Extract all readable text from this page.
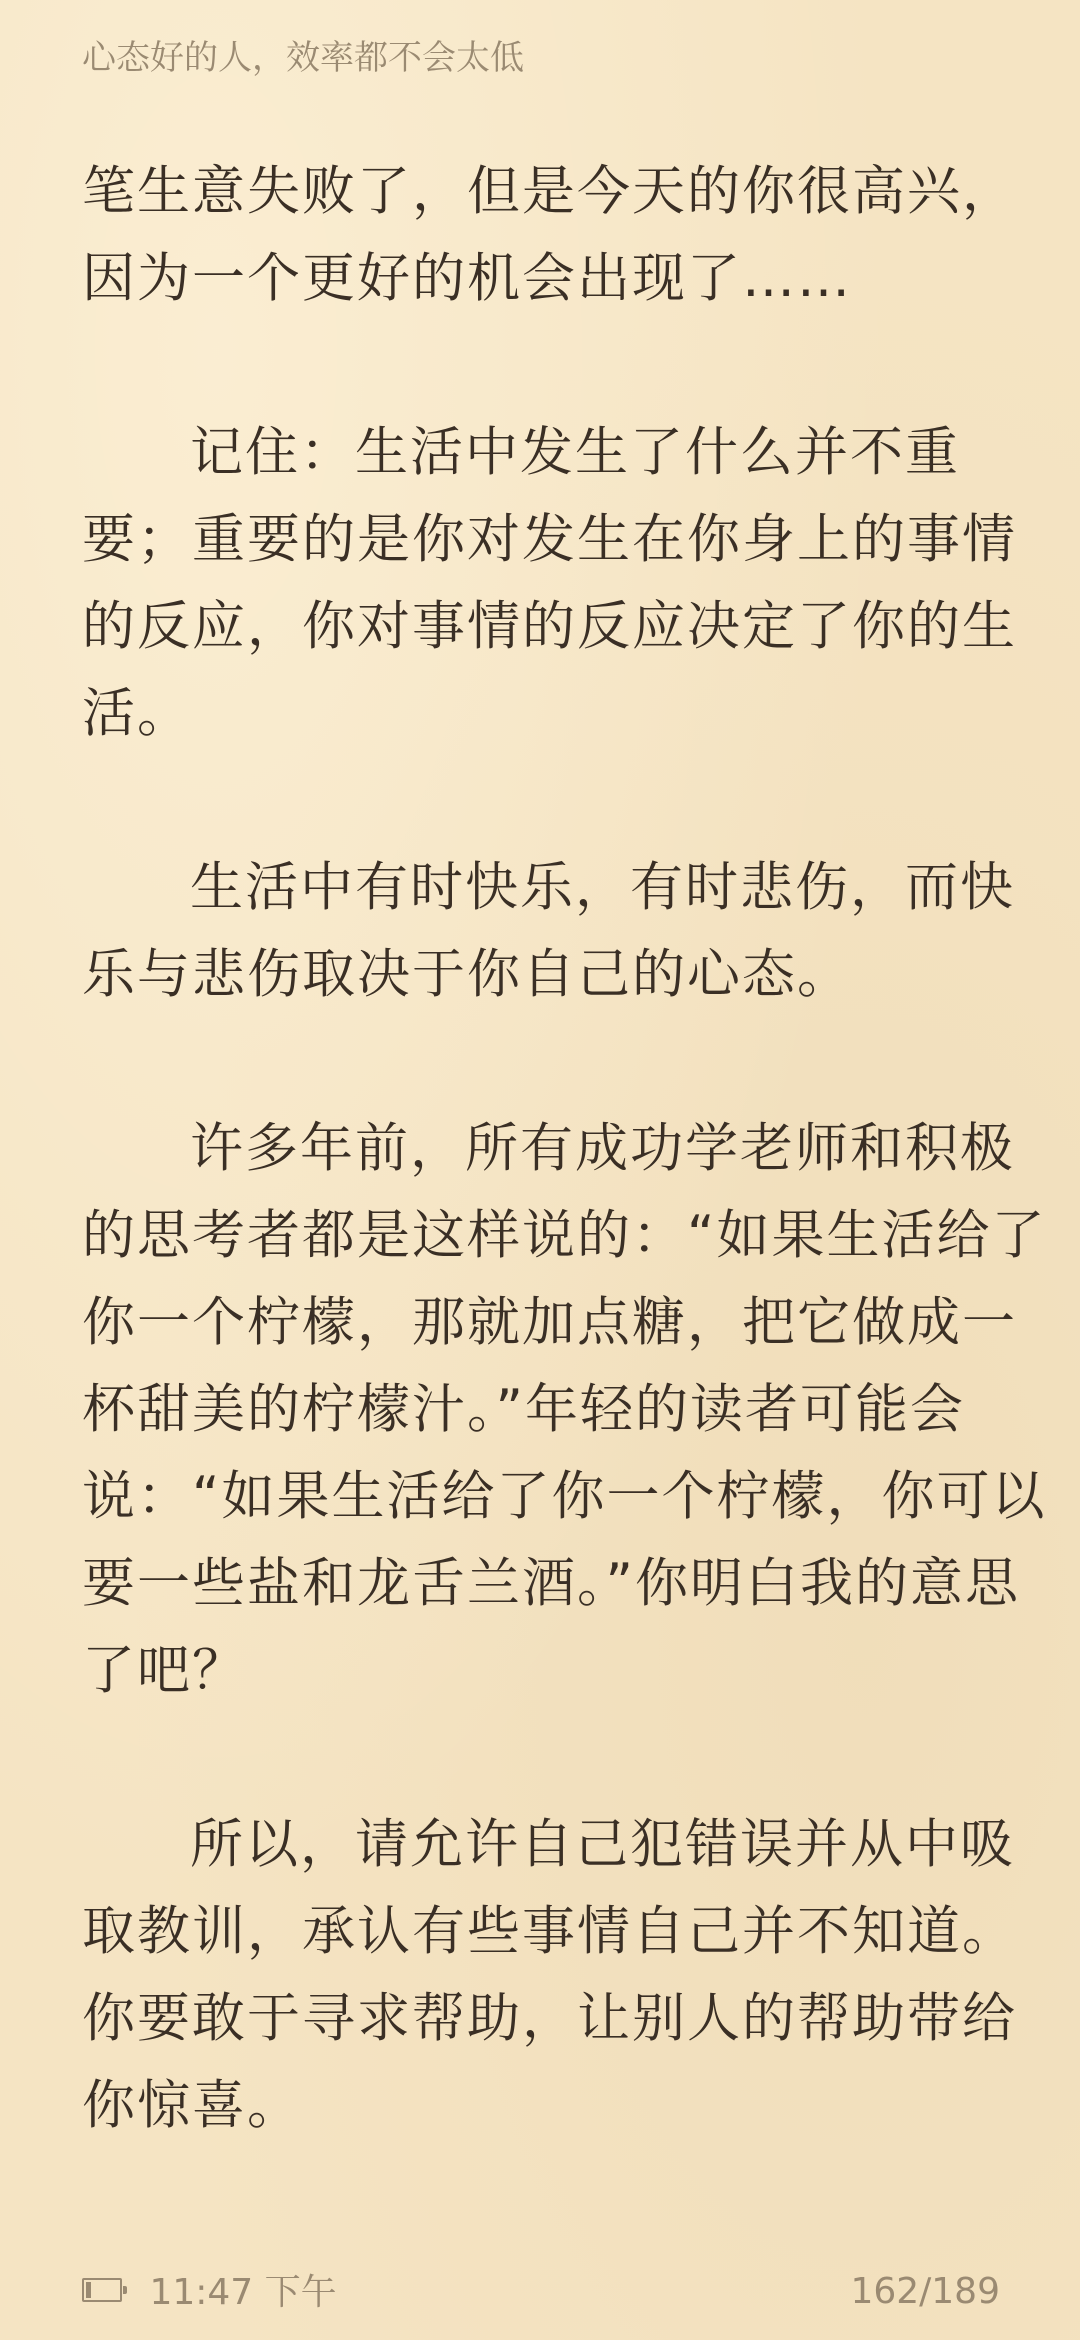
心态好的人，效率都不会太低
笔生意失败了，但是今天的你很高兴，
因为一个更好的机会出现了……
记住：生活中发生了什么并不重
要；重要的是你对发生在你身上的事情
的反应，你对事情的反应决定了你的生
活。
生活中有时快乐，有时悲伤，而快
乐与悲伤取决于你自己的心态。
许多年前，所有成功学老师和积极
的思考者都是这样说的：“如果生活给了
你一个柠檬，那就加点糖，把它做成一
杯甜美的柠檬汁。”年轻的读者可能会
说：“如果生活给了你一个柠檬，你可以
要一些盐和龙舌兰酒。”你明白我的意思
了吧？
所以，请允许自己犯错误并从中吸
取教训，承认有些事情自己并不知道。
你要敢于寻求帮助，让别人的帮助带给
你惊喜。
11:47 下午	162/189
